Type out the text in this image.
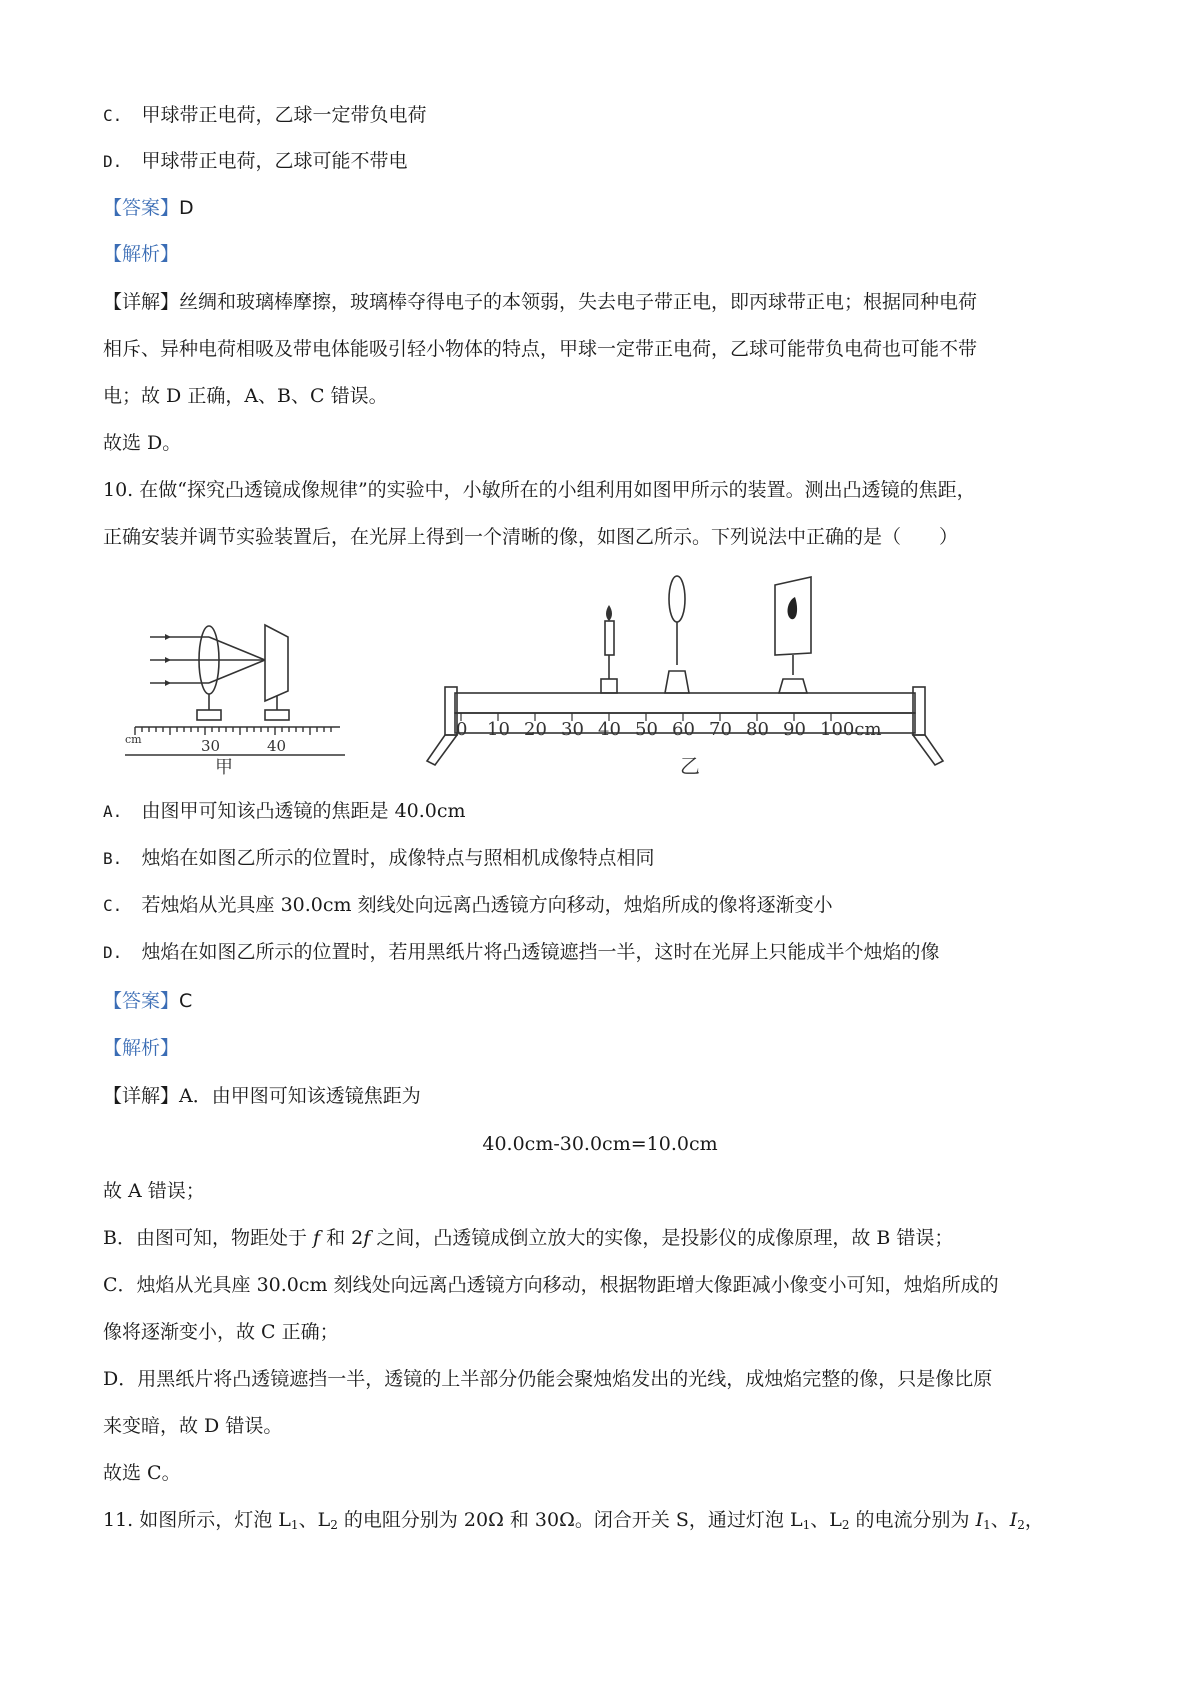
C. 甲球带正电荷，乙球一定带负电荷
D. 甲球带正电荷，乙球可能不带电
【答案】D
【解析】
【详解】丝绸和玻璃棒摩擦，玻璃棒夺得电子的本领弱，失去电子带正电，即丙球带正电；根据同种电荷
相斥、异种电荷相吸及带电体能吸引轻小物体的特点，甲球一定带正电荷，乙球可能带负电荷也可能不带
电；故 D 正确，A、B、C 错误。
故选 D。
10. 在做“探究凸透镜成像规律”的实验中，小敏所在的小组利用如图甲所示的装置。测出凸透镜的焦距，
正确安装并调节实验装置后，在光屏上得到一个清晰的像，如图乙所示。下列说法中正确的是（　　）
cm	30	40
甲
0 10 20 30 40 50 60 70 80 90 100cm
乙
A. 由图甲可知该凸透镜的焦距是 40.0cm
B. 烛焰在如图乙所示的位置时，成像特点与照相机成像特点相同
C. 若烛焰从光具座 30.0cm 刻线处向远离凸透镜方向移动，烛焰所成的像将逐渐变小
D. 烛焰在如图乙所示的位置时，若用黑纸片将凸透镜遮挡一半，这时在光屏上只能成半个烛焰的像
【答案】C
【解析】
【详解】A．由甲图可知该透镜焦距为
40.0cm-30.0cm=10.0cm
故 A 错误；
B．由图可知，物距处于 f 和 2f 之间，凸透镜成倒立放大的实像，是投影仪的成像原理，故 B 错误；
C．烛焰从光具座 30.0cm 刻线处向远离凸透镜方向移动，根据物距增大像距减小像变小可知，烛焰所成的
像将逐渐变小，故 C 正确；
D．用黑纸片将凸透镜遮挡一半，透镜的上半部分仍能会聚烛焰发出的光线，成烛焰完整的像，只是像比原
来变暗，故 D 错误。
故选 C。
11. 如图所示，灯泡 $L_1$、$L_2$ 的电阻分别为 20Ω 和 30Ω。闭合开关 S，通过灯泡 $L_1$、$L_2$ 的电流分别为 $I_1$、$I_2$，
